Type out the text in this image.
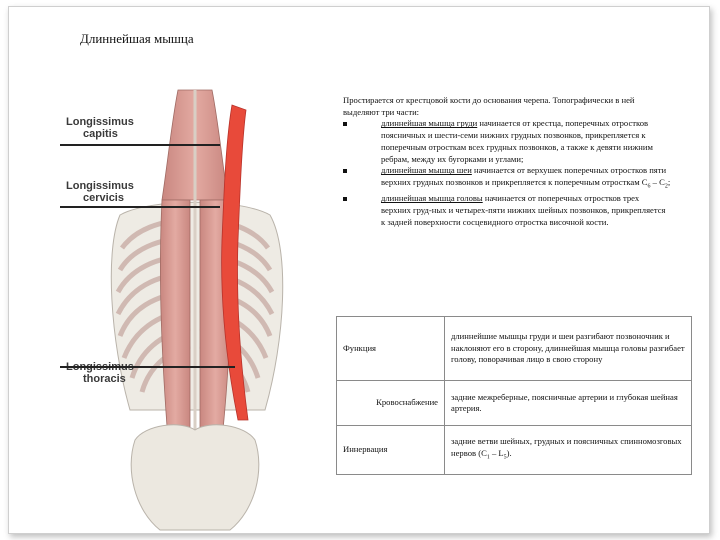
Длиннейшая мышца
Longissimus
capitis
Longissimus
cervicis
thoracis
Простирается от крестцовой кости до основания черепа. Топографически в ней выделяют три части:
длиннейшая мышца груди начинается от крестца, поперечных отростков поясничных и шести-семи нижних грудных позвонков, прикрепляется к поперечным отросткам всех грудных позвонков, а также к девяти нижним ребрам, между их бугорками и углами;
длиннейшая мышца шеи начинается от верхушек поперечных отростков пяти верхних грудных позвонков и прикрепляется к поперечным отросткам $С_6 - С_2$;
длиннейшая мышца головы начинается от поперечных отростков трех верхних груд-ных и четырех-пяти нижних шейных позвонков, прикрепляется к задней поверхности сосцевидного отростка височной кости.
Функция	длиннейшие мышцы груди и шеи разгибают позвоночник и наклоняют его в сторону, длиннейшая мышца головы разгибает голову, поворачивая лицо в свою сторону
Кровоснабжение	задние межреберные, поясничные артерии и глубокая шейная артерия.
Иннервация	задние ветви шейных, грудных и поясничных спинномозговых нервов $(С_1 - L_5)$.
